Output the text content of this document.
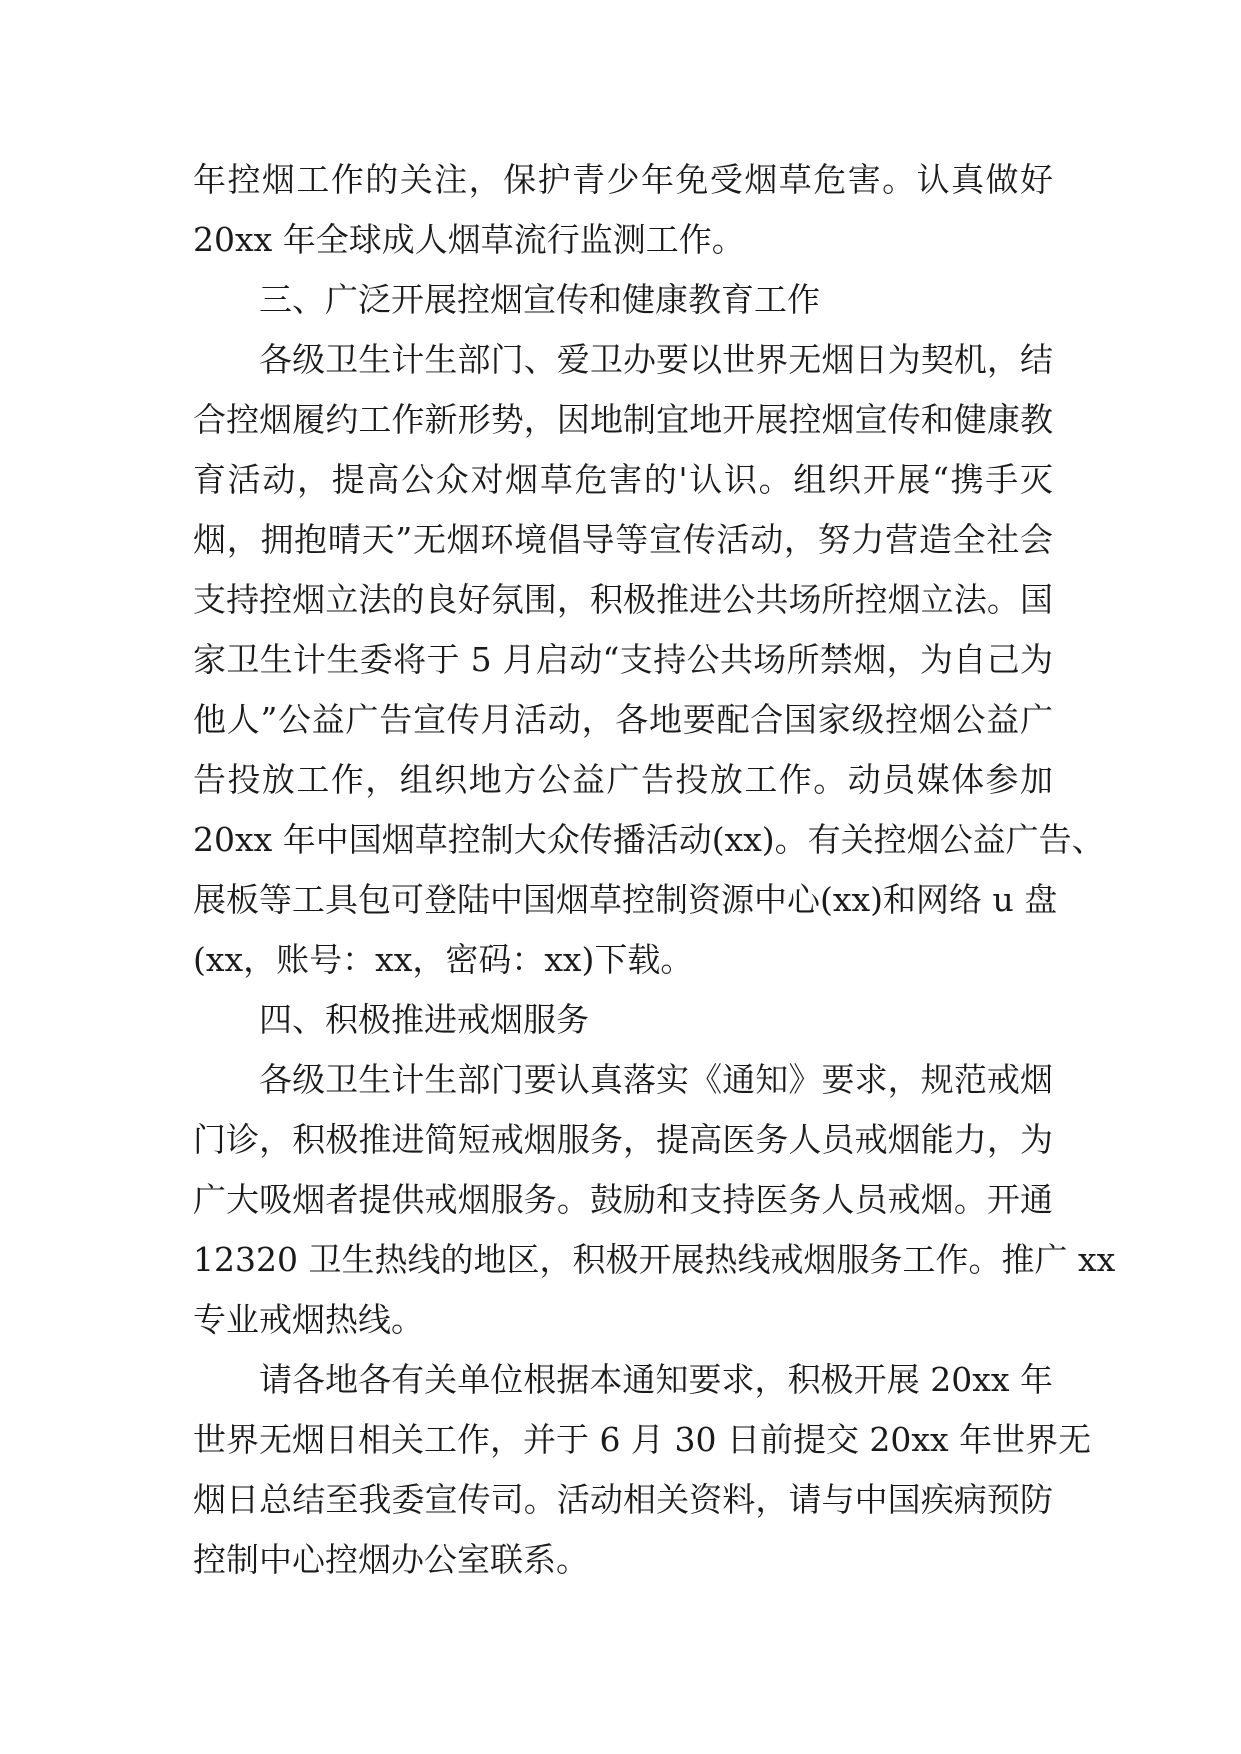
年控烟工作的关注，保护青少年免受烟草危害。认真做好
20xx 年全球成人烟草流行监测工作。
三、广泛开展控烟宣传和健康教育工作
各级卫生计生部门、爱卫办要以世界无烟日为契机，结
合控烟履约工作新形势，因地制宜地开展控烟宣传和健康教
育活动，提高公众对烟草危害的'认识。组织开展“携手灭
烟，拥抱晴天”无烟环境倡导等宣传活动，努力营造全社会
支持控烟立法的良好氛围，积极推进公共场所控烟立法。国
家卫生计生委将于 5 月启动“支持公共场所禁烟，为自己为
他人”公益广告宣传月活动，各地要配合国家级控烟公益广
告投放工作，组织地方公益广告投放工作。动员媒体参加
20xx 年中国烟草控制大众传播活动(xx)。有关控烟公益广告、
展板等工具包可登陆中国烟草控制资源中心(xx)和网络 u 盘
(xx，账号：xx，密码：xx)下载。
四、积极推进戒烟服务
各级卫生计生部门要认真落实《通知》要求，规范戒烟
门诊，积极推进简短戒烟服务，提高医务人员戒烟能力，为
广大吸烟者提供戒烟服务。鼓励和支持医务人员戒烟。开通
12320 卫生热线的地区，积极开展热线戒烟服务工作。推广 xx
专业戒烟热线。
请各地各有关单位根据本通知要求，积极开展 20xx 年
世界无烟日相关工作，并于 6 月 30 日前提交 20xx 年世界无
烟日总结至我委宣传司。活动相关资料，请与中国疾病预防
控制中心控烟办公室联系。
